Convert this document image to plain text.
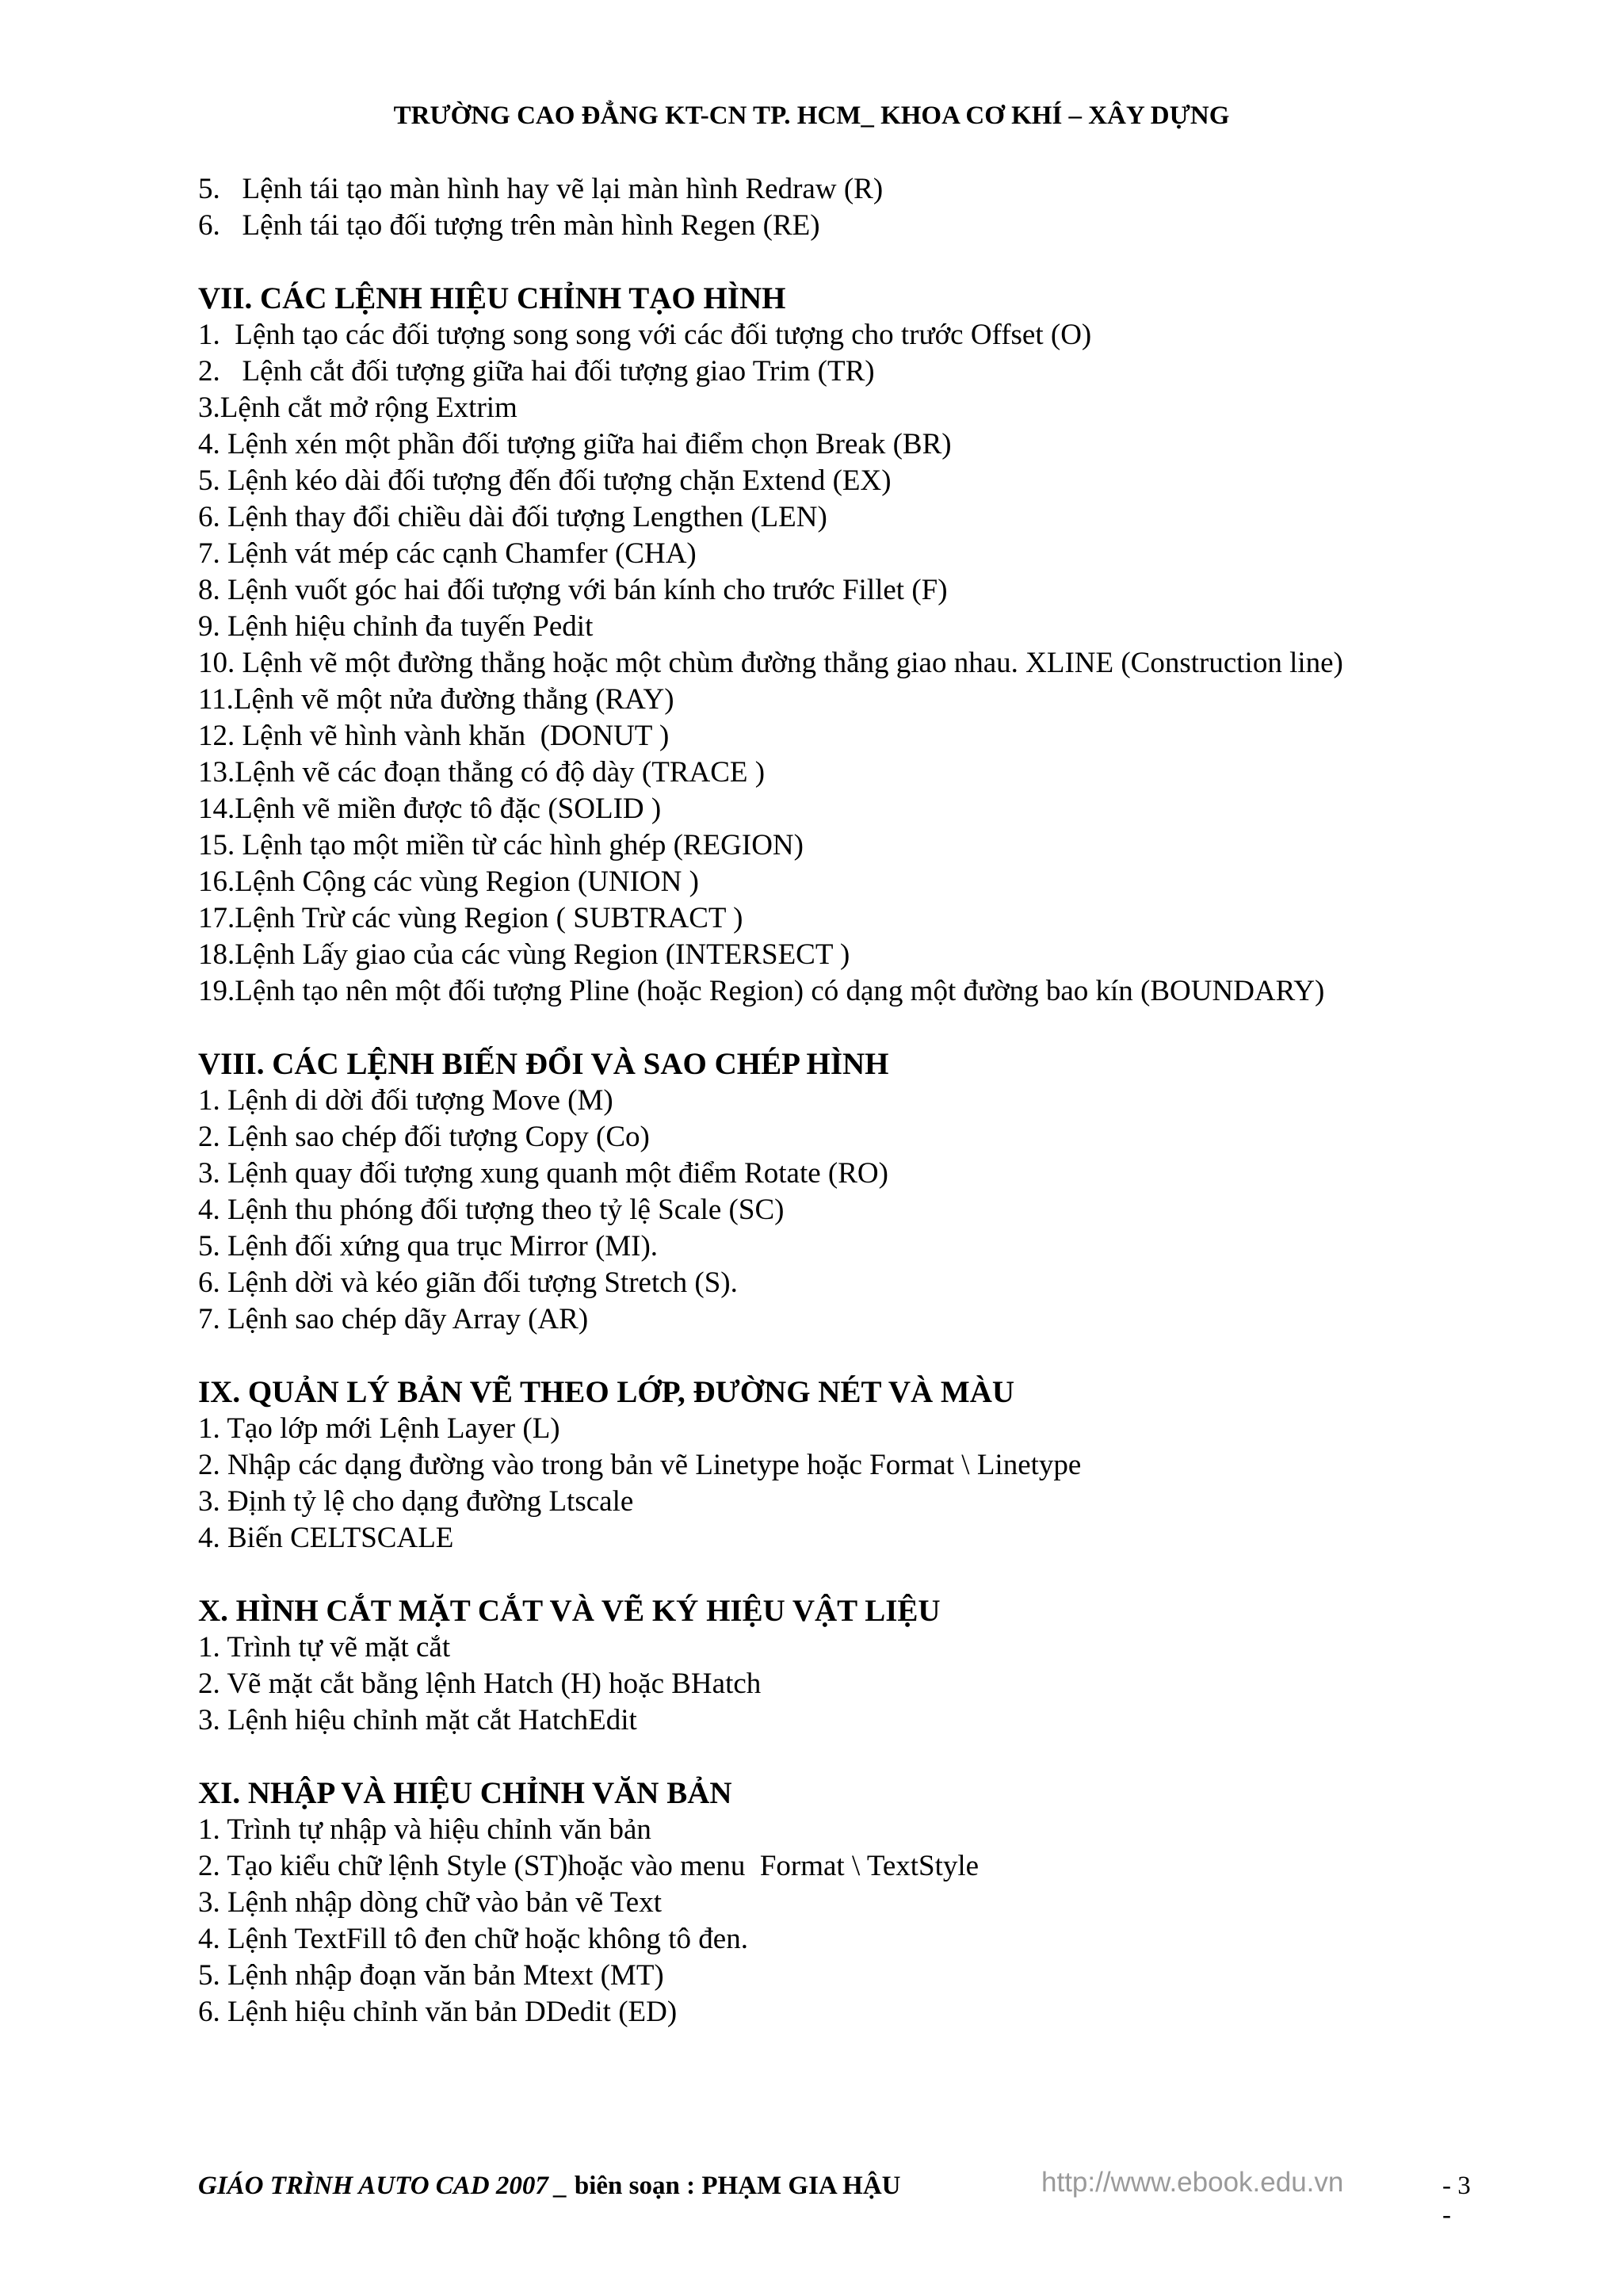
TRƯỜNG CAO ĐẲNG KT-CN TP. HCM_ KHOA CƠ KHÍ – XÂY DỰNG
5.   Lệnh tái tạo màn hình hay vẽ lại màn hình Redraw (R)
6.   Lệnh tái tạo đối tượng trên màn hình Regen (RE)
VII. CÁC LỆNH HIỆU CHỈNH TẠO HÌNH
1.  Lệnh tạo các đối tượng song song với các đối tượng cho trước Offset (O)
2.   Lệnh cắt đối tượng giữa hai đối tượng giao Trim (TR)
3.Lệnh cắt mở rộng Extrim
4. Lệnh xén một phần đối tượng giữa hai điểm chọn Break (BR)
5. Lệnh kéo dài đối tượng đến đối tượng chặn Extend (EX)
6. Lệnh thay đổi chiều dài đối tượng Lengthen (LEN)
7. Lệnh vát mép các cạnh Chamfer (CHA)
8. Lệnh vuốt góc hai đối tượng với bán kính cho trước Fillet (F)
9. Lệnh hiệu chỉnh đa tuyến Pedit
10. Lệnh vẽ một đường thẳng hoặc một chùm đường thẳng giao nhau. XLINE (Construction line)
11.Lệnh vẽ một nửa đường thẳng (RAY)
12. Lệnh vẽ hình vành khăn  (DONUT )
13.Lệnh vẽ các đoạn thẳng có độ dày (TRACE )
14.Lệnh vẽ miền được tô đặc (SOLID )
15. Lệnh tạo một miền từ các hình ghép (REGION)
16.Lệnh Cộng các vùng Region (UNION )
17.Lệnh Trừ các vùng Region ( SUBTRACT )
18.Lệnh Lấy giao của các vùng Region (INTERSECT )
19.Lệnh tạo nên một đối tượng Pline (hoặc Region) có dạng một đường bao kín (BOUNDARY)
VIII. CÁC LỆNH BIẾN ĐỔI VÀ SAO CHÉP HÌNH
1. Lệnh di dời đối tượng Move (M)
2. Lệnh sao chép đối tượng Copy (Co)
3. Lệnh quay đối tượng xung quanh một điểm Rotate (RO)
4. Lệnh thu phóng đối tượng theo tỷ lệ Scale (SC)
5. Lệnh đối xứng qua trục Mirror (MI).
6. Lệnh dời và kéo giãn đối tượng Stretch (S).
7. Lệnh sao chép dãy Array (AR)
IX. QUẢN LÝ BẢN VẼ THEO LỚP, ĐƯỜNG NÉT VÀ MÀU
1. Tạo lớp mới Lệnh Layer (L)
2. Nhập các dạng đường vào trong bản vẽ Linetype hoặc Format \ Linetype
3. Định tỷ lệ cho dạng đường Ltscale
4. Biến CELTSCALE
X. HÌNH CẮT MẶT CẮT VÀ VẼ KÝ HIỆU VẬT LIỆU
1. Trình tự vẽ mặt cắt
2. Vẽ mặt cắt bằng lệnh Hatch (H) hoặc BHatch
3. Lệnh hiệu chỉnh mặt cắt HatchEdit
XI. NHẬP VÀ HIỆU CHỈNH VĂN BẢN
1. Trình tự nhập và hiệu chỉnh văn bản
2. Tạo kiểu chữ lệnh Style (ST)hoặc vào menu  Format \ TextStyle
3. Lệnh nhập dòng chữ vào bản vẽ Text
4. Lệnh TextFill tô đen chữ hoặc không tô đen.
5. Lệnh nhập đoạn văn bản Mtext (MT)
6. Lệnh hiệu chỉnh văn bản DDedit (ED)
GIÁO TRÌNH AUTO CAD 2007 _ biên soạn : PHẠM GIA HẬU	http://www.ebook.edu.vn	- 3 -
